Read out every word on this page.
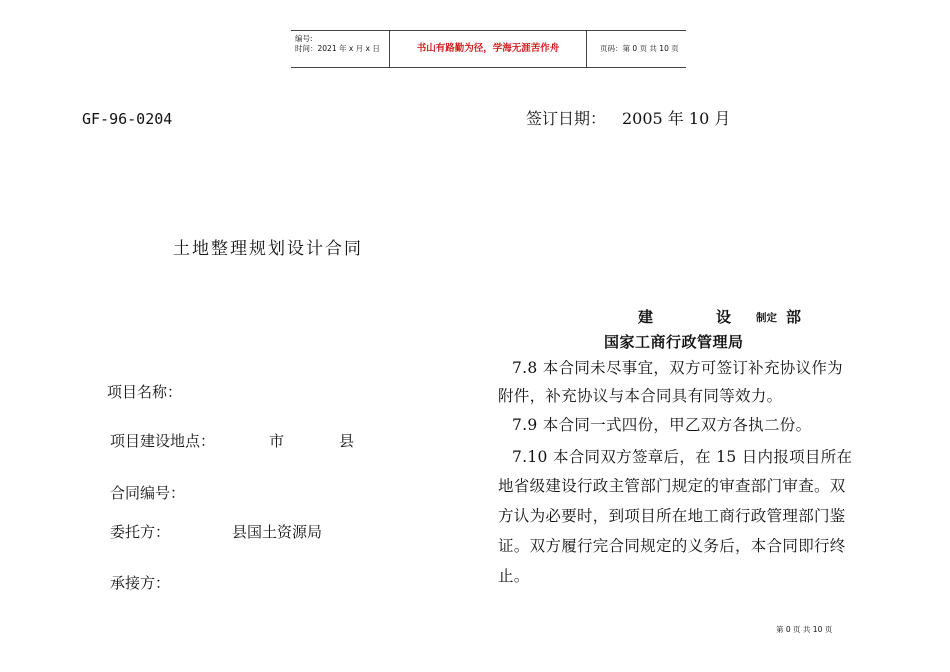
编号:
时间：2021 年 x 月 x 日	书山有路勤为径，学海无涯苦作舟	页码：第 0 页 共 10 页
GF-96-0204
土地整理规划设计合同
项目名称：
项目建设地点：	市	县
合同编号：
委托方：	县国土资源局
承接方：
签订日期： 2005 年 10 月
建	设 制定 部
国家工商行政管理局
7.8 本合同未尽事宜，双方可签订补充协议作为
附件，补充协议与本合同具有同等效力。
7.9 本合同一式四份，甲乙双方各执二份。
7.10 本合同双方签章后，在 15 日内报项目所在
地省级建设行政主管部门规定的审查部门审查。双
方认为必要时，到项目所在地工商行政管理部门鉴
证。双方履行完合同规定的义务后，本合同即行终
止。
第 0 页 共 10 页
